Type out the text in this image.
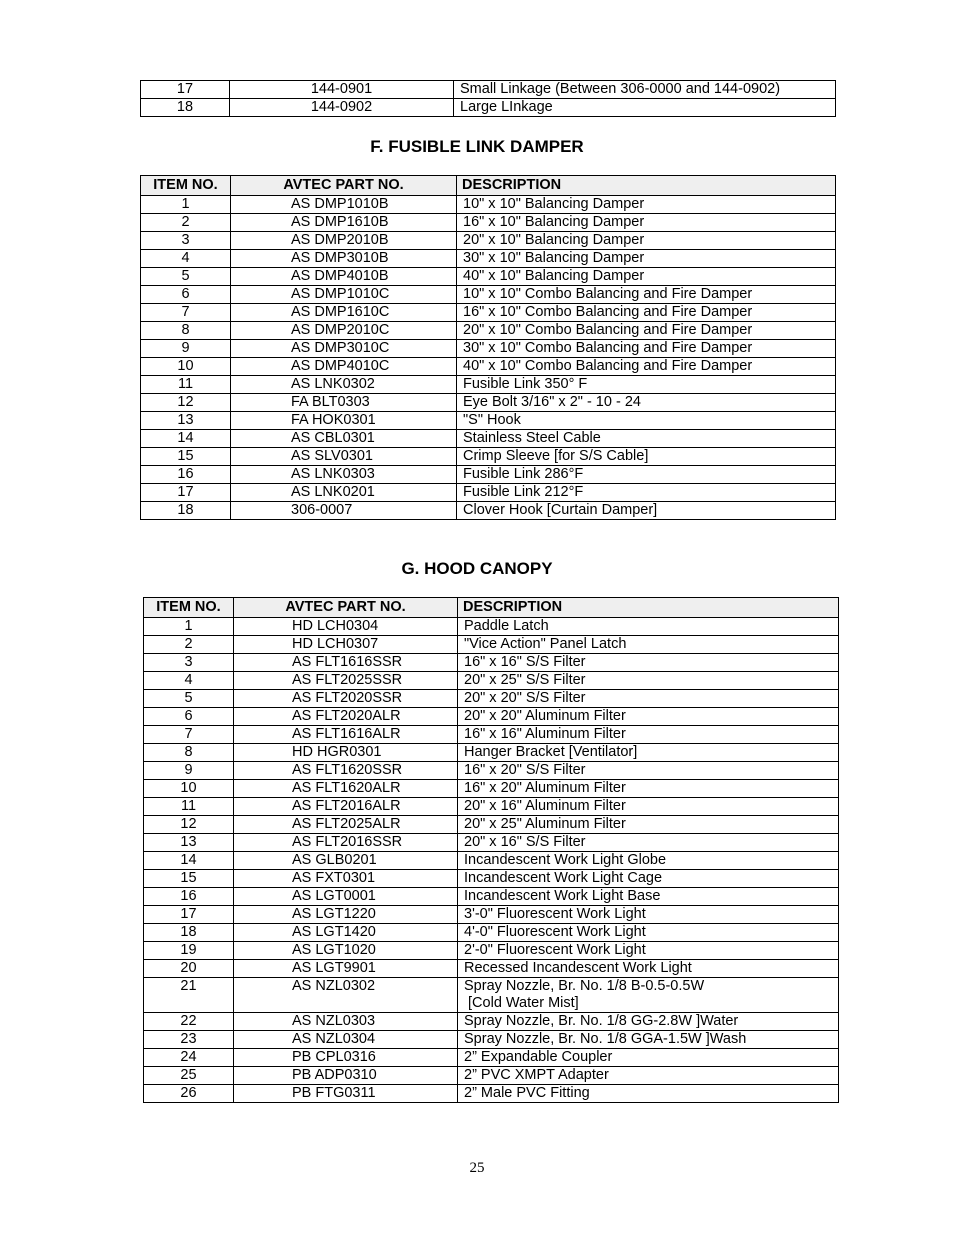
17	144-0901	Small Linkage (Between 306-0000 and 144-0902)
18	144-0902	Large LInkage
F. FUSIBLE LINK DAMPER
ITEM NO.	AVTEC PART NO.	DESCRIPTION
1	AS DMP1010B	10" x 10" Balancing Damper
2	AS DMP1610B	16" x 10" Balancing Damper
3	AS DMP2010B	20" x 10" Balancing Damper
4	AS DMP3010B	30" x 10" Balancing Damper
5	AS DMP4010B	40" x 10" Balancing Damper
6	AS DMP1010C	10" x 10" Combo Balancing and Fire Damper
7	AS DMP1610C	16" x 10" Combo Balancing and Fire Damper
8	AS DMP2010C	20" x 10" Combo Balancing and Fire Damper
9	AS DMP3010C	30" x 10" Combo Balancing and Fire Damper
10	AS DMP4010C	40" x 10" Combo Balancing and Fire Damper
11	AS LNK0302	Fusible Link 350° F
12	FA BLT0303	Eye Bolt 3/16" x 2" - 10 - 24
13	FA HOK0301	"S" Hook
14	AS CBL0301	Stainless Steel Cable
15	AS SLV0301	Crimp Sleeve [for S/S Cable]
16	AS LNK0303	Fusible Link 286°F
17	AS LNK0201	Fusible Link 212°F
18	306-0007	Clover Hook [Curtain Damper]
G. HOOD CANOPY
ITEM NO.	AVTEC PART NO.	DESCRIPTION
1	HD LCH0304	Paddle Latch
2	HD LCH0307	"Vice Action" Panel Latch
3	AS FLT1616SSR	16" x 16" S/S Filter
4	AS FLT2025SSR	20" x 25" S/S Filter
5	AS FLT2020SSR	20" x 20" S/S Filter
6	AS FLT2020ALR	20" x 20" Aluminum Filter
7	AS FLT1616ALR	16" x 16" Aluminum Filter
8	HD HGR0301	Hanger Bracket [Ventilator]
9	AS FLT1620SSR	16" x 20" S/S Filter
10	AS FLT1620ALR	16" x 20" Aluminum Filter
11	AS FLT2016ALR	20" x 16" Aluminum Filter
12	AS FLT2025ALR	20" x 25" Aluminum Filter
13	AS FLT2016SSR	20" x 16" S/S Filter
14	AS GLB0201	Incandescent Work Light Globe
15	AS FXT0301	Incandescent Work Light Cage
16	AS LGT0001	Incandescent Work Light Base
17	AS LGT1220	3'-0" Fluorescent Work Light
18	AS LGT1420	4'-0" Fluorescent Work Light
19	AS LGT1020	2'-0" Fluorescent Work Light
20	AS LGT9901	Recessed Incandescent Work Light
21	AS NZL0302	Spray Nozzle, Br. No. 1/8 B-0.5-0.5W
[Cold Water Mist]
22	AS NZL0303	Spray Nozzle, Br. No. 1/8 GG-2.8W ]Water
23	AS NZL0304	Spray Nozzle, Br. No. 1/8 GGA-1.5W ]Wash
24	PB CPL0316	2” Expandable Coupler
25	PB ADP0310	2” PVC XMPT Adapter
26	PB FTG0311	2” Male PVC Fitting
25
